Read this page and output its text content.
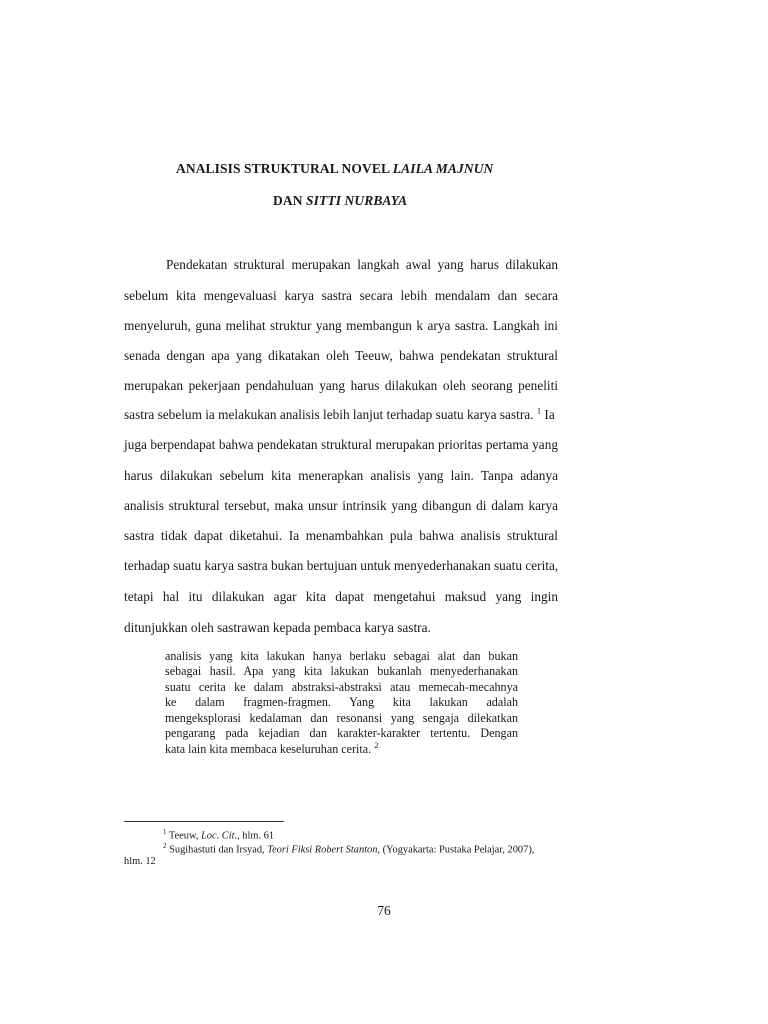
ANALISIS STRUKTURAL NOVEL LAILA MAJNUN
DAN SITTI NURBAYA
Pendekatan struktural merupakan langkah awal yang harus dilakukan
sebelum kita mengevaluasi karya sastra secara lebih mendalam dan secara
menyeluruh, guna melihat struktur yang membangun k arya sastra. Langkah ini
senada dengan apa yang dikatakan oleh Teeuw, bahwa pendekatan struktural
merupakan pekerjaan pendahuluan yang harus dilakukan oleh seorang peneliti
sastra sebelum ia melakukan analisis lebih lanjut terhadap suatu karya sastra. $^1$ Ia
juga berpendapat bahwa pendekatan struktural merupakan prioritas pertama yang
harus dilakukan sebelum kita menerapkan analisis yang lain. Tanpa adanya
analisis struktural tersebut, maka unsur intrinsik yang dibangun di dalam karya
sastra tidak dapat diketahui. Ia menambahkan pula bahwa analisis struktural
terhadap suatu karya sastra bukan bertujuan untuk menyederhanakan suatu cerita,
tetapi hal itu dilakukan agar kita dapat mengetahui maksud yang ingin
ditunjukkan oleh sastrawan kepada pembaca karya sastra.
analisis yang kita lakukan hanya berlaku sebagai alat dan bukan
sebagai hasil. Apa yang kita lakukan bukanlah menyederhanakan
suatu cerita ke dalam abstraksi-abstraksi atau memecah-mecahnya
ke dalam fragmen-fragmen. Yang kita lakukan adalah
mengeksplorasi kedalaman dan resonansi yang sengaja dilekatkan
pengarang pada kejadian dan karakter-karakter tertentu. Dengan
kata lain kita membaca keseluruhan cerita. $^2$
$^1$ Teeuw, Loc. Cit., hlm. 61
$^2$ Sugihastuti dan Irsyad, Teori Fiksi Robert Stanton, (Yogyakarta: Pustaka Pelajar, 2007),
hlm. 12
76
